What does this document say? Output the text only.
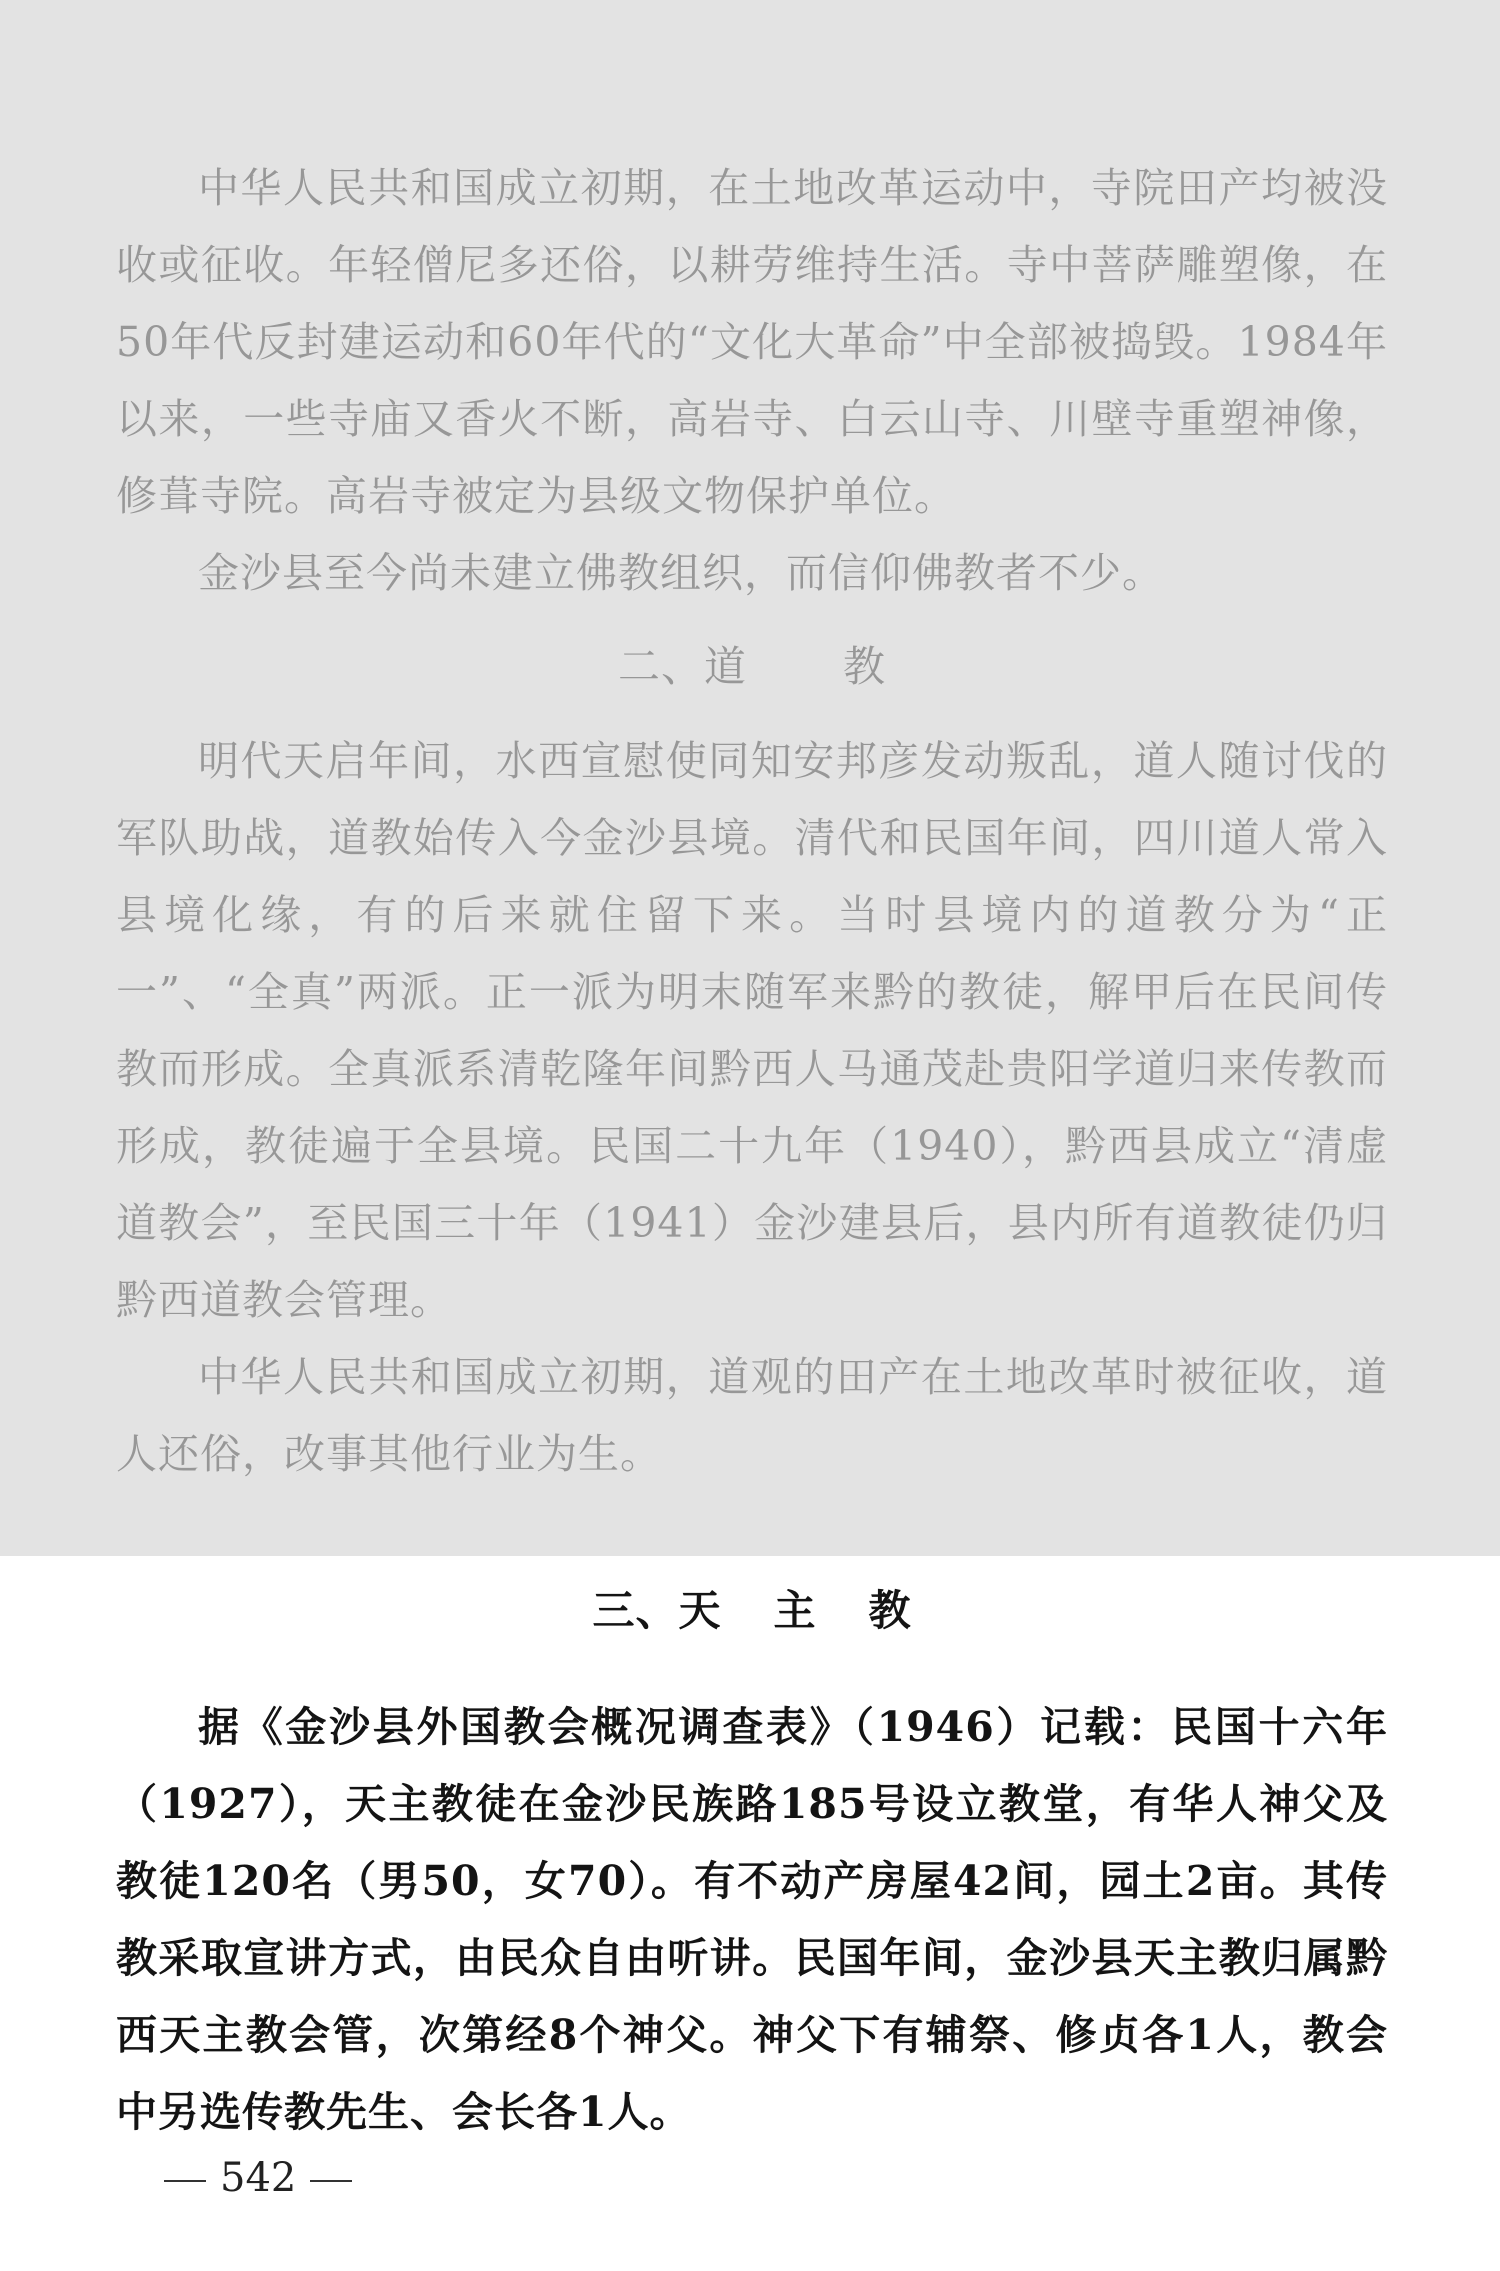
中华人民共和国成立初期，在土地改革运动中，寺院田产均被没收或征收。年轻僧尼多还俗，以耕劳维持生活。寺中菩萨雕塑像，在50年代反封建运动和60年代的“文化大革命”中全部被捣毁。1984年以来，一些寺庙又香火不断，高岩寺、白云山寺、川壁寺重塑神像，修葺寺院。高岩寺被定为县级文物保护单位。

金沙县至今尚未建立佛教组织，而信仰佛教者不少。

二、道 教

明代天启年间，水西宣慰使同知安邦彦发动叛乱，道人随讨伐的军队助战，道教始传入今金沙县境。清代和民国年间，四川道人常入县境化缘，有的后来就住留下来。当时县境内的道教分为“正一”、“全真”两派。正一派为明末随军来黔的教徒，解甲后在民间传教而形成。全真派系清乾隆年间黔西人马通茂赴贵阳学道归来传教而形成，教徒遍于全县境。民国二十九年（1940），黔西县成立“清虚道教会”，至民国三十年（1941）金沙建县后，县内所有道教徒仍归黔西道教会管理。

中华人民共和国成立初期，道观的田产在土地改革时被征收，道人还俗，改事其他行业为生。

三、天 主 教

据《金沙县外国教会概况调查表》（1946）记载：民国十六年（1927），天主教徒在金沙民族路185号设立教堂，有华人神父及教徒120名（男50，女70）。有不动产房屋42间，园土2亩。其传教采取宣讲方式，由民众自由听讲。民国年间，金沙县天主教归属黔西天主教会管，次第经8个神父。神父下有辅祭、修贞各1人，教会中另选传教先生、会长各1人。

542
